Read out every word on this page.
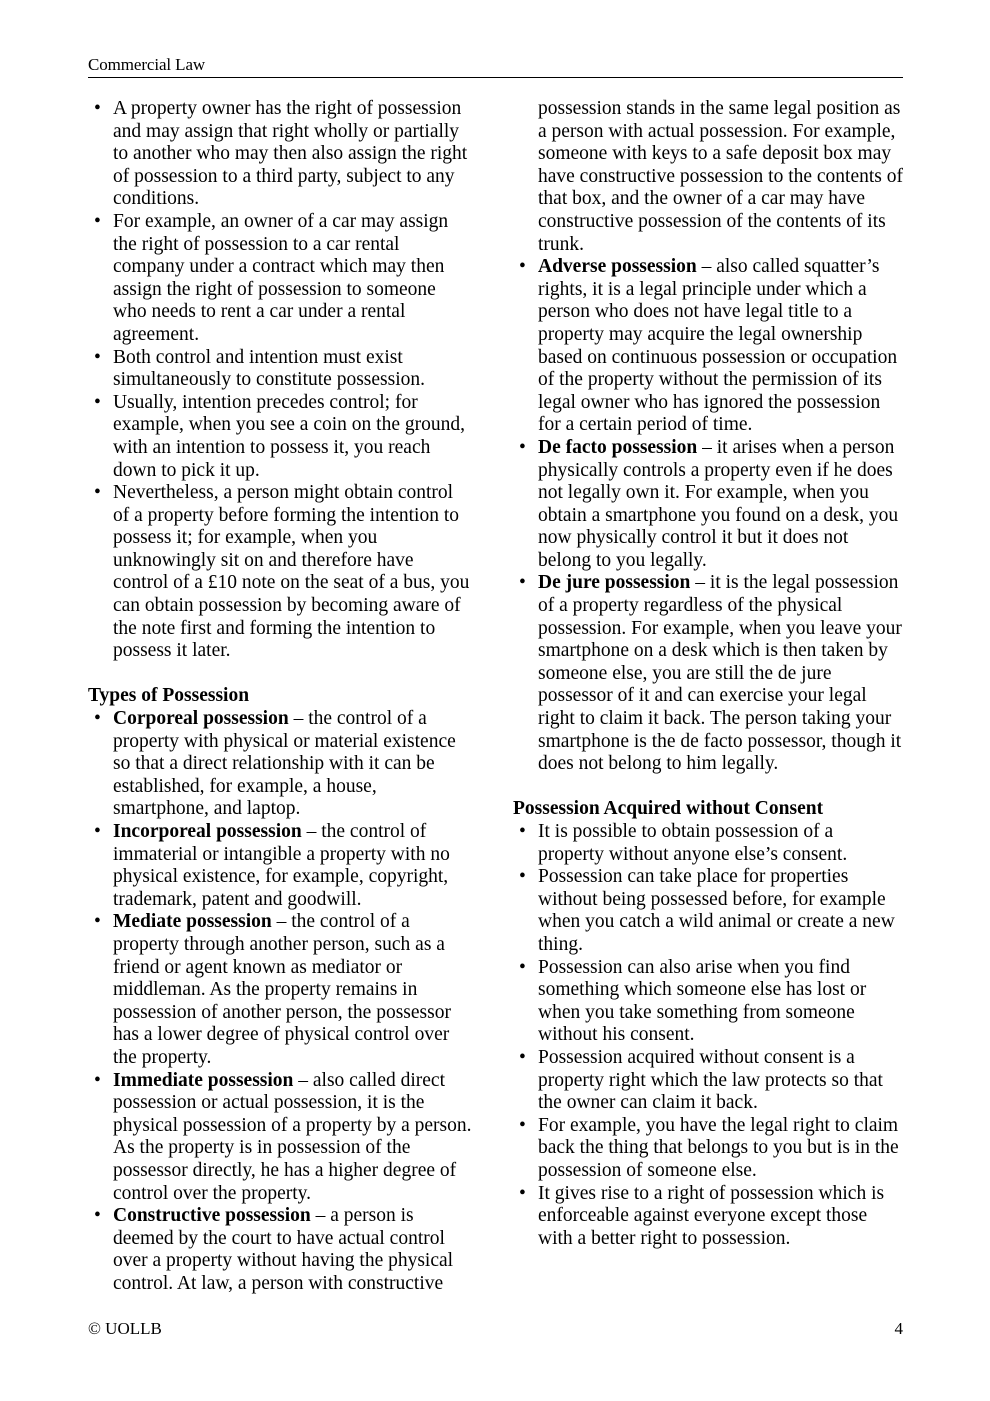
Commercial Law
• A property owner has the right of possession and may assign that right wholly or partially to another who may then also assign the right of possession to a third party, subject to any conditions.
• For example, an owner of a car may assign the right of possession to a car rental company under a contract which may then assign the right of possession to someone who needs to rent a car under a rental agreement.
• Both control and intention must exist simultaneously to constitute possession.
• Usually, intention precedes control; for example, when you see a coin on the ground, with an intention to possess it, you reach down to pick it up.
• Nevertheless, a person might obtain control of a property before forming the intention to possess it; for example, when you unknowingly sit on and therefore have control of a £10 note on the seat of a bus, you can obtain possession by becoming aware of the note first and forming the intention to possess it later.
Types of Possession
• Corporeal possession – the control of a property with physical or material existence so that a direct relationship with it can be established, for example, a house, smartphone, and laptop.
• Incorporeal possession – the control of immaterial or intangible a property with no physical existence, for example, copyright, trademark, patent and goodwill.
• Mediate possession – the control of a property through another person, such as a friend or agent known as mediator or middleman. As the property remains in possession of another person, the possessor has a lower degree of physical control over the property.
• Immediate possession – also called direct possession or actual possession, it is the physical possession of a property by a person. As the property is in possession of the possessor directly, he has a higher degree of control over the property.
• Constructive possession – a person is deemed by the court to have actual control over a property without having the physical control. At law, a person with constructive
possession stands in the same legal position as a person with actual possession. For example, someone with keys to a safe deposit box may have constructive possession to the contents of that box, and the owner of a car may have constructive possession of the contents of its trunk.
• Adverse possession – also called squatter’s rights, it is a legal principle under which a person who does not have legal title to a property may acquire the legal ownership based on continuous possession or occupation of the property without the permission of its legal owner who has ignored the possession for a certain period of time.
• De facto possession – it arises when a person physically controls a property even if he does not legally own it. For example, when you obtain a smartphone you found on a desk, you now physically control it but it does not belong to you legally.
• De jure possession – it is the legal possession of a property regardless of the physical possession. For example, when you leave your smartphone on a desk which is then taken by someone else, you are still the de jure possessor of it and can exercise your legal right to claim it back. The person taking your smartphone is the de facto possessor, though it does not belong to him legally.
Possession Acquired without Consent
• It is possible to obtain possession of a property without anyone else’s consent.
• Possession can take place for properties without being possessed before, for example when you catch a wild animal or create a new thing.
• Possession can also arise when you find something which someone else has lost or when you take something from someone without his consent.
• Possession acquired without consent is a property right which the law protects so that the owner can claim it back.
• For example, you have the legal right to claim back the thing that belongs to you but is in the possession of someone else.
• It gives rise to a right of possession which is enforceable against everyone except those with a better right to possession.
© UOLLB	4
